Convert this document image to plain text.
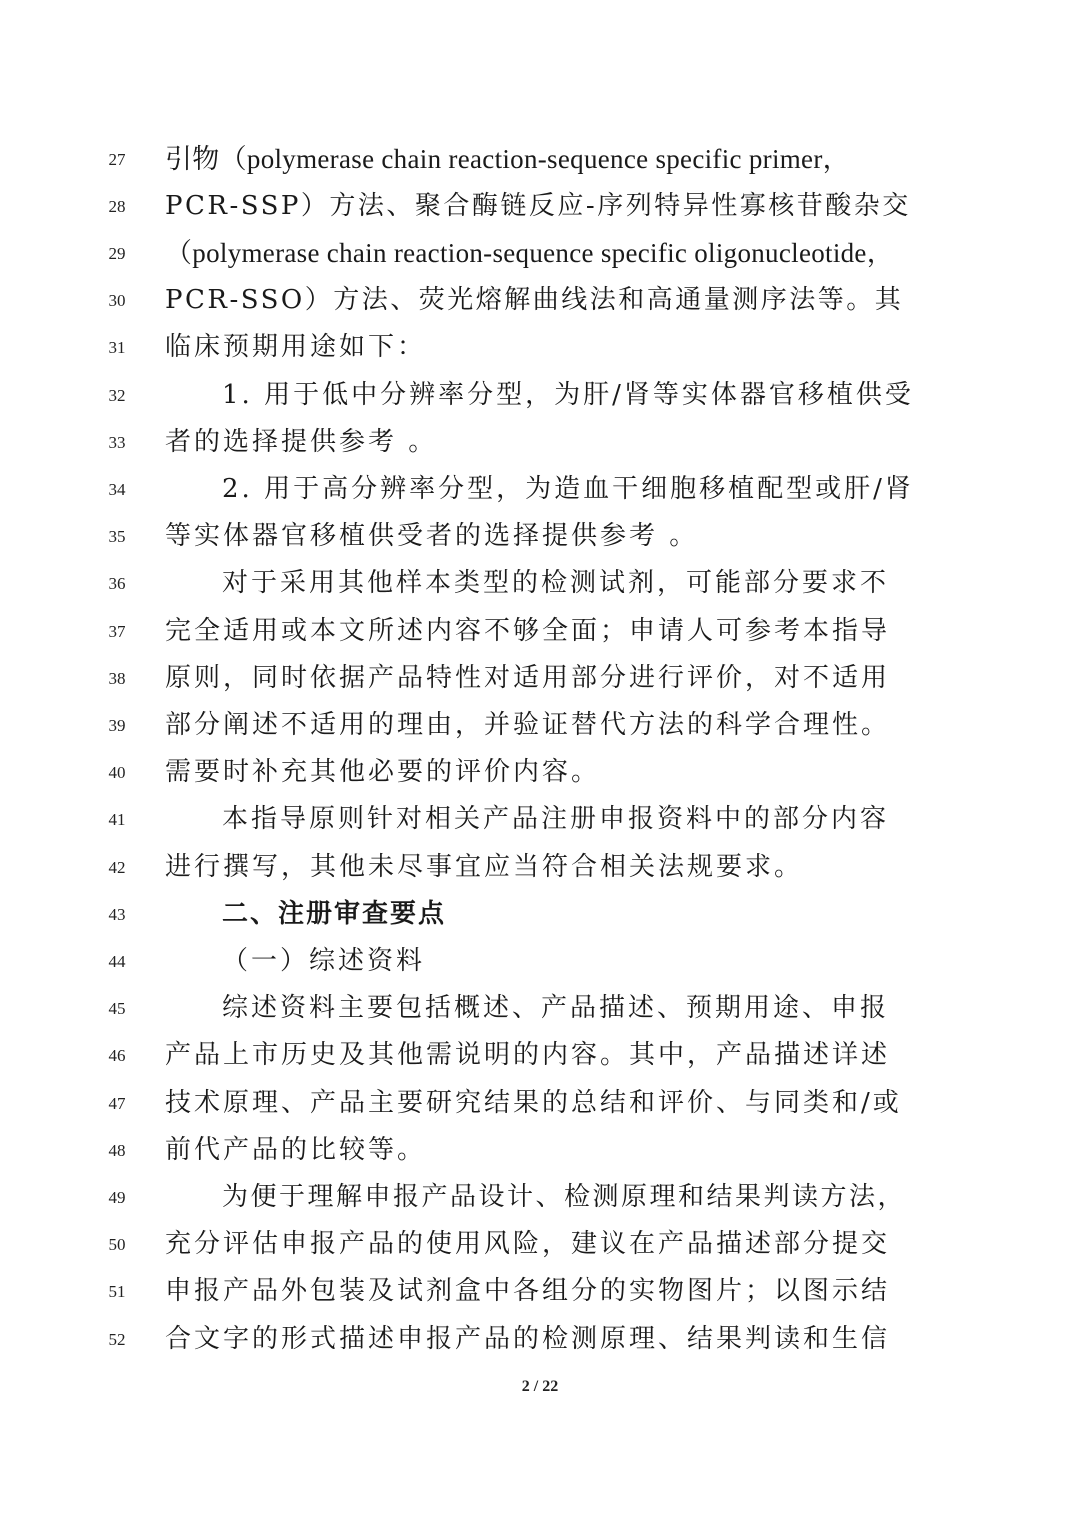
27	引物（polymerase chain reaction-sequence specific primer，
28	PCR-SSP）方法、聚合酶链反应-序列特异性寡核苷酸杂交
29	（polymerase chain reaction-sequence specific oligonucleotide，
30	PCR-SSO）方法、荧光熔解曲线法和高通量测序法等。其
31	临床预期用途如下：
32	1. 用于低中分辨率分型，为肝/肾等实体器官移植供受
33	者的选择提供参考 。
34	2. 用于高分辨率分型，为造血干细胞移植配型或肝/肾
35	等实体器官移植供受者的选择提供参考 。
36	对于采用其他样本类型的检测试剂，可能部分要求不
37	完全适用或本文所述内容不够全面；申请人可参考本指导
38	原则，同时依据产品特性对适用部分进行评价，对不适用
39	部分阐述不适用的理由，并验证替代方法的科学合理性。
40	需要时补充其他必要的评价内容。
41	本指导原则针对相关产品注册申报资料中的部分内容
42	进行撰写，其他未尽事宜应当符合相关法规要求。
43	二、注册审查要点
44	（一）综述资料
45	综述资料主要包括概述、产品描述、预期用途、申报
46	产品上市历史及其他需说明的内容。其中，产品描述详述
47	技术原理、产品主要研究结果的总结和评价、与同类和/或
48	前代产品的比较等。
49	为便于理解申报产品设计、检测原理和结果判读方法，
50	充分评估申报产品的使用风险，建议在产品描述部分提交
51	申报产品外包装及试剂盒中各组分的实物图片；以图示结
52	合文字的形式描述申报产品的检测原理、结果判读和生信
2 / 22
